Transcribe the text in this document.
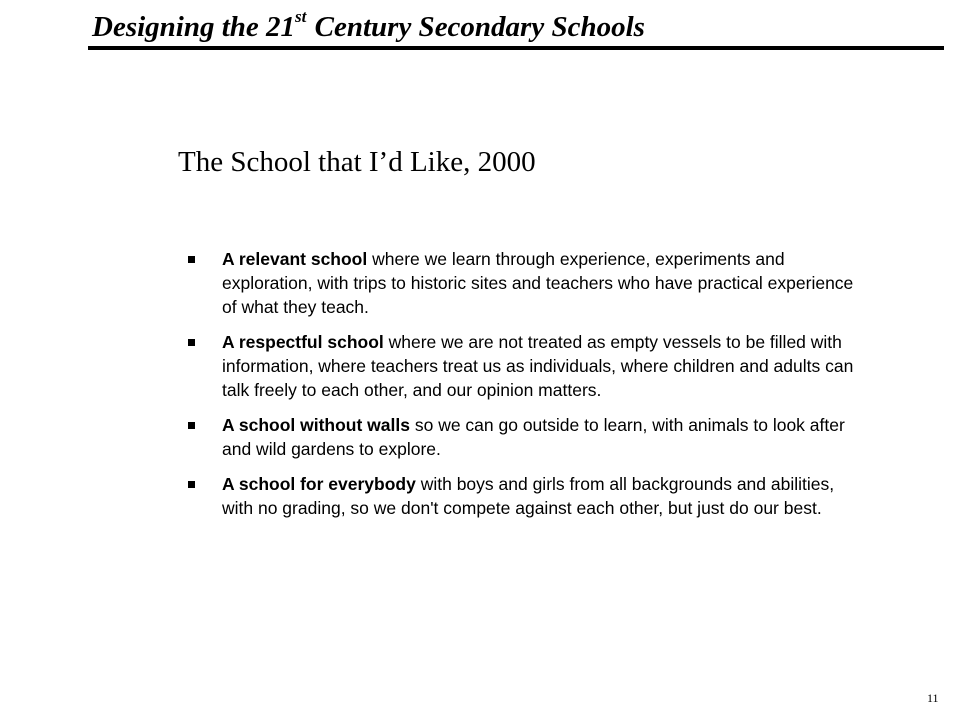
Designing the 21st Century Secondary Schools
The School that I’d Like, 2000
A relevant school where we learn through experience, experiments and exploration, with trips to historic sites and teachers who have practical experience of what they teach.
A respectful school where we are not treated as empty vessels to be filled with information, where teachers treat us as individuals, where children and adults can talk freely to each other, and our opinion matters.
A school without walls so we can go outside to learn, with animals to look after and wild gardens to explore.
A school for everybody with boys and girls from all backgrounds and abilities, with no grading, so we don't compete against each other, but just do our best.
11
